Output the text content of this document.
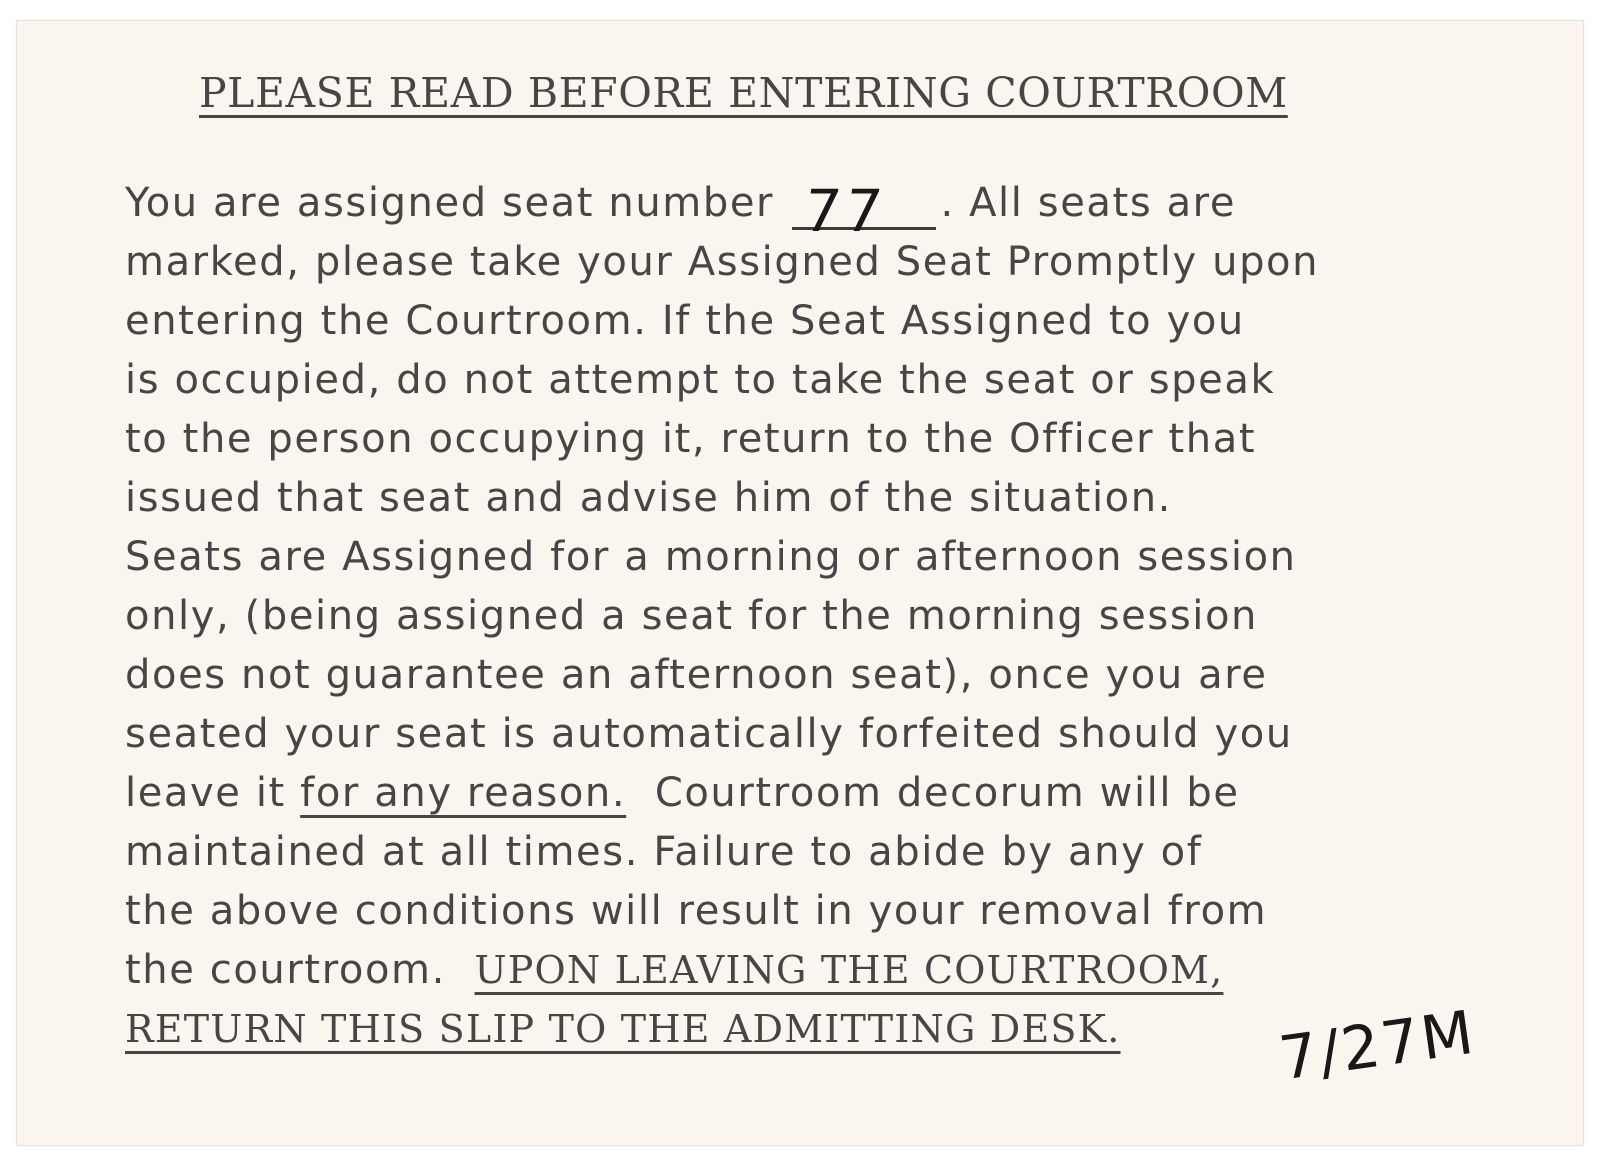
PLEASE READ BEFORE ENTERING COURTROOM
You are assigned seat number 77 . All seats are
marked, please take your Assigned Seat Promptly upon
entering the Courtroom. If the Seat Assigned to you
is occupied, do not attempt to take the seat or speak
to the person occupying it, return to the Officer that
issued that seat and advise him of the situation.
Seats are Assigned for a morning or afternoon session
only, (being assigned a seat for the morning session
does not guarantee an afternoon seat), once you are
seated your seat is automatically forfeited should you
leave it for any reason. Courtroom decorum will be
maintained at all times. Failure to abide by any of
the above conditions will result in your removal from
the courtroom. UPON LEAVING THE COURTROOM,
RETURN THIS SLIP TO THE ADMITTING DESK.	7/27M
